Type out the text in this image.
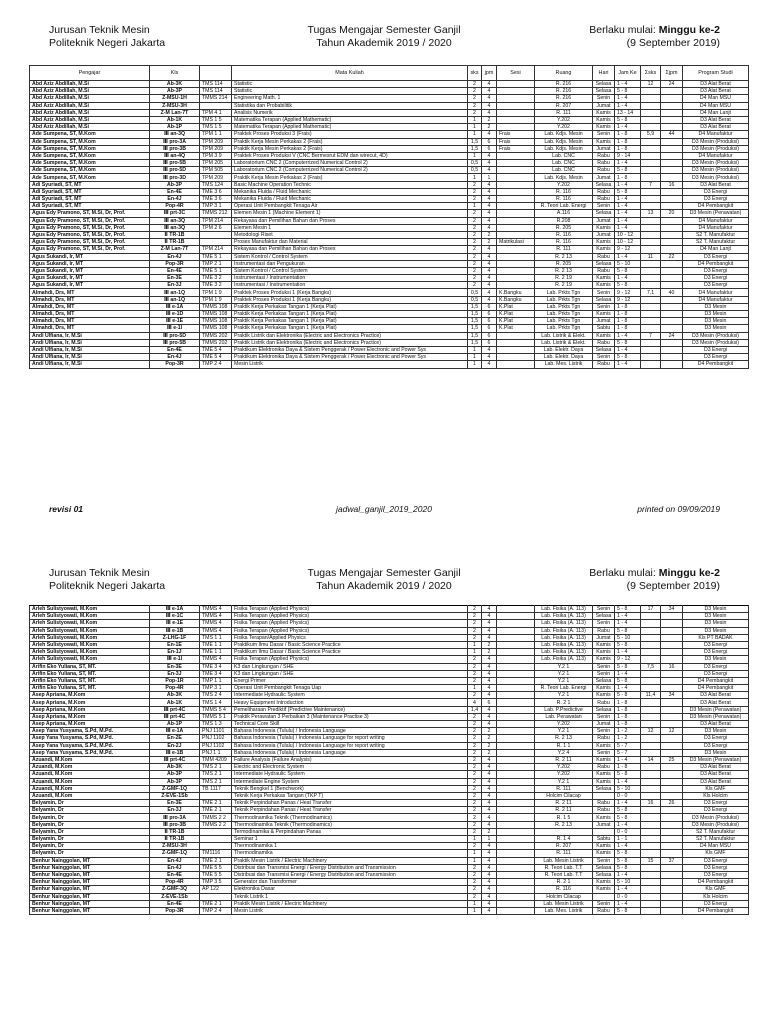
Jurusan Teknik Mesin
Politeknik Negeri Jakarta
Tugas Mengajar Semester Ganjil
Tahun Akademik 2019 / 2020
Berlaku mulai: Minggu ke-2
(9 September 2019)
Pengajar	Kls		Mata Kuliah	sks	jpm	Sesi	Ruang	Hari	Jam Ke	Σsks	Σjpm	Program Studi
Abd Aziz Abdillah, M.Si	Ab-3K	TMS 114	Statistic	2	4		R. 216	Selasa	1 - 4	12	24	D3 Alat Berat
Abd Aziz Abdillah, M.Si	Ab-3P	TMS 114	Statistic	2	4		R. 216	Selasa	5 - 8			D3 Alat Berat
Abd Aziz Abdillah, M.Si	Z-MSU-1H	TMMS 214	Engineering Math. 1	2	4		R. 216	Senin	1 - 4			D4 Man MSU
Abd Aziz Abdillah, M.Si	Z-MSU-3H		Statistika dan Probabilitik	2	4		R. 207	Jumat	1 - 4			D4 Man MSU
Abd Aziz Abdillah, M.Si	Z-M Lan-7T	TPM 4 1	Analisis Numerik	2	4		R. 111	Kamis	13 - 14			D4 Man Lanjt
Abd Aziz Abdillah, M.Si	Ab-1K	TMS 1 5	Matematika Terapan (Applied Mathematic)	1	2		Y.202	Kamis	5 - 8			D3 Alat Berat
Abd Aziz Abdillah, M.Si	Ab-1P	TMS 1 5	Matematika Terapan (Applied Mathematic)	1	2		Y.202	Kamis	1 - 4			D3 Alat Berat
Ade Sumpena, ST, M.Kom	Ⅲ an-3Q	TPM 1 1	Praktek Proses Produksi 3 (Frais)	1	4	Frais	Lab. Kdjs. Mesin	Senin	1 - 8	5,9	44	D4 Manufaktur
Ade Sumpena, ST, M.Kom	Ⅲ pro-3A	TPM 209	Praktik Kerja Mesin Perkakas 2 (Frais)	1,5	6	Frais	Lab. Kdjs. Mesin	Kamis	1 - 8			D3 Mesin (Produksi)
Ade Sumpena, ST, M.Kom	Ⅲ pro-3B	TPM 209	Praktik Kerja Mesin Perkakas 2 (Frais)	1,5	6	Frais	Lab. Kdjs. Mesin	Jumat	1 - 8			D3 Mesin (Produksi)
Ade Sumpena, ST, M.Kom	Ⅲ an-4Q	TPM 3 9	Praktek Proses Produksi V (CNC Bermesrut EDM dan wirecut, 4D)	1	4		Lab. CNC	Rabu	9 - 14			D4 Manufaktur
Ade Sumpena, ST, M.Kom	Ⅲ pro-5B	TPM 205	Laboratorium CNC 2 (Computerrized Numerical Control 2)	0,5	4		Lab. CNC	Rabu	1 - 4			D3 Mesin (Produksi)
Ade Sumpena, ST, M.Kom	Ⅲ pro-5D	TPM 505	Laboratorium CNC 2 (Computerrized Numerical Control 2)	0,5	4		Lab. CNC	Rabu	5 - 8			D3 Mesin (Produksi)
Ade Sumpena, ST, M.Kom	Ⅲ pro-3D	TPM 209	Praktik Kerja Mesin Perkakas 2 (Frais)	1	1		Lab. Kdjs. Mesin	Jumat	1 - 8			D3 Mesin (Produksi)
Adi Syuriadi, ST, MT	Ab-3P	TMS 124	Basic Machine Operation Technic	2	4		Y.202	Selasa	1 - 4	7	16	D3 Alat Berat
Adi Syuriadi, ST, MT	En-4E	TME 3 6	Mekanika Fluida / Fluid Mechanic	2	4		R. 116	Rabu	5 - 8			D3 Energi
Adi Syuriadi, ST, MT	En-4J	TME 3 6	Mekanika Fluida / Fluid Mechanic	2	4		R. 116	Rabu	1 - 4			D3 Energi
Adi Syuriadi, ST, MT	Pop-4R	TMP 3 1	Operasi Unit Pembangkit Tenaga Air	1	4		R. Teori Lab. Energi	Senin	1 - 4			D4 Pembangkit
Agus Edy Pramono, ST, M.Si, Dr, Prof.	Ⅲ prt-3C	TMMS 212	Elemen Mesin 1 (Machine Element 1)	2	4		A.116	Selasa	1 - 4	13	20	D3 Mesin (Perawatan)
Agus Edy Pramono, ST, M.Si, Dr, Prof.	Ⅲ an-3Q	TPM 214	Rekayasa dan Pemilihan Bahan dan Proses	2	4		R.208	Jumat	1 - 4			D4 Manufaktur
Agus Edy Pramono, ST, M.Si, Dr, Prof.	Ⅲ an-3Q	TPM 2 6	Elemen Mesin 1	2	4		R. 205	Kamis	1 - 4			D4 Manufaktur
Agus Edy Pramono, ST, M.Si, Dr, Prof.	Ⅱ TR-1B		Metodologi Riset	2	2		R. 116	Jumat	10 - 12			S2 T. Manufaktur
Agus Edy Pramono, ST, M.Si, Dr, Prof.	Ⅱ TR-1B		Proses Manufaktur dan Material	2	2	Matrikulasi	R. 116	Kamis	10 - 12			S2 T. Manufaktur
Agus Edy Pramono, ST, M.Si, Dr, Prof.	Z-M Lan-7T	TPM 214	Rekayasa dan Pemilihan Bahan dan Proses	2	4		R. 111	Kamis	9 - 12			D4 Man Lanjt
Agus Sukandi, Ir, MT	En-4J	TME 5 1	Sistem Kontrol / Control System	2	4		R. 2 13	Rabu	1 - 4	11	22	D3 Energi
Agus Sukandi, Ir, MT	Pop-3R	TMP 2 1	Instrumentasi dan Pengukuran	2	4		R. 205	Selasa	5 - 10			D4 Pembangkit
Agus Sukandi, Ir, MT	En-4E	TME 5 1	Sistem Kontrol / Control System	2	4		R. 2 13	Rabu	5 - 8			D3 Energi
Agus Sukandi, Ir, MT	En-3E	TME 3 2	Instrumentasi / Instrumentation	2	4		R. 2 19	Kamis	1 - 4			D3 Energi
Agus Sukandi, Ir, MT	En-3J	TME 3 2	Instrumentasi / Instrumentation	2	4		R. 2 19	Kamis	5 - 8			D3 Energi
Almahdi, Drs, MT	Ⅲ an-1Q	TPM 1 9	Praktek Proses Produksi 1 (Kerja Bangku)	0,5	4	K.Bangku	Lab. Prkts Tgn	Senin	9 - 12	7,1	40	D4 Manufaktur
Almahdi, Drs, MT	Ⅲ an-1Q	TPM 1 9	Praktek Proses Produksi 1 (Kerja Bangku)	0,5	4	K.Bangku	Lab. Prkts Tgn	Selasa	9 - 12			D4 Manufaktur
Almahdi, Drs, MT	Ⅲ e-1A	TMMS 108	Praktik Kerja Perkakas Tangan 1 (Kerja Plat)	1,5	6	K.Plat	Lab. Prkts Tgn	Senin	1 - 8			D3 Mesin
Almahdi, Drs, MT	Ⅲ e-1D	TMMS 108	Praktik Kerja Perkakas Tangan 1 (Kerja Plat)	1,5	6	K.Plat	Lab. Prkts Tgn	Kamis	1 - 8			D3 Mesin
Almahdi, Drs, MT	Ⅲ e-1E	TMMS 108	Praktik Kerja Perkakas Tangan 1 (Kerja Plat)	1,5	6	K.Plat	Lab. Prkts Tgn	Jumat	1 - 8			D3 Mesin
Almahdi, Drs, MT	Ⅲ e-1I	TMMS 108	Praktik Kerja Perkakas Tangan 1 (Kerja Plat)	1,5	6	K.Plat	Lab. Prkts Tgn	Sabtu	1 - 8			D3 Mesin
Andi Ulfiana, Ir, M.Si	Ⅲ pro-5D	TMMS 202	Praktik Listrik dan Elektronika (Electric and Electronics Practice)	1,5	6		Lab. Listrik & Elekt.	Kamis	1 - 4	7	24	D3 Mesin (Produksi)
Andi Ulfiana, Ir, M.Si	Ⅲ pro-5B	TMMS 202	Praktik Listrik dan Elektronika (Electric and Electronics Practice)	1,5	6		Lab. Listrik & Elekt.	Rabu	5 - 8			D3 Mesin (Produksi)
Andi Ulfiana, Ir, M.Si	En-4E	TME 5 4	Praktikum Elektronika Daya & Sistem Penggerak / Power Electronic and Power Sys	1	4		Lab. Elektr. Daya	Selasa	1 - 4			D3 Energi
Andi Ulfiana, Ir, M.Si	En-4J	TME 5 4	Praktikum Elektronika Daya & Sistem Penggerak / Power Electronic and Power Sys	1	4		Lab. Elektr. Daya	Senin	5 - 8			D3 Energi
Andi Ulfiana, Ir, M.Si	Pop-3R	TMP 2 4	Mesin Listrik	1	4		Lab. Mes. Listrik	Rabu	1 - 4			D4 Pembangkit
revisi 01	jadwal_ganjil_2019_2020	printed on 09/09/2019
Jurusan Teknik Mesin
Politeknik Negeri Jakarta
Tugas Mengajar Semester Ganjil
Tahun Akademik 2019 / 2020
Berlaku mulai: Minggu ke-2
(9 September 2019)
Arleh Sulistyowati, M.Kom	Ⅲ e-1A	TMMS 4	Fisika Terapan (Applied Physics)	2	4		Lab. Fisika (A. 113)	Senin	5 - 8	17	34	D3 Mesin
Arleh Sulistyowati, M.Kom	Ⅲ e-1C	TMMS 4	Fisika Terapan (Applied Physics)	2	4		Lab. Fisika (A. 113)	Selasa	1 - 4			D3 Mesin
Arleh Sulistyowati, M.Kom	Ⅲ e-1E	TMMS 4	Fisika Terapan (Applied Physics)	2	4		Lab. Fisika (A. 113)	Senin	1 - 4			D3 Mesin
Arleh Sulistyowati, M.Kom	Ⅲ e-1B	TMMS 4	Fisika Terapan (Applied Physics)	2	4		Lab. Fisika (A. 113)	Rabu	5 - 8			D3 Mesin
Arleh Sulistyowati, M.Kom	Z-LHG-1F	TMS 1 1	Fisika Terapan/Applied Physics	2	4		Lab. Fisika (A. 113)	Jumat	5 - 10			Kls PT BADAK
Arleh Sulistyowati, M.Kom	En-1E	TME 1 1	Praktikum Ilmu Dasar / Basic Science Practice	1	2		Lab. Fisika (A. 113)	Kamis	5 - 8			D3 Energi
Arleh Sulistyowati, M.Kom	En-1J	TME 1 1	Praktikum Ilmu Dasar / Basic Science Practice	1	2		Lab. Fisika (A. 113)	Kamis	1 - 4			D3 Energi
Arleh Sulistyowati, M.Kom	Ⅲ e-1I	TMMS 4	Fisika Terapan (Applied Physics)	2	4		Lab. Fisika (A. 113)	Kamis	9 - 12			D3 Mesin
Arifin Eko Yuliana, ST, MT.	En-3E	TME 3 4	K3 dan Lingkungan / SHE	2	4		Y.2 1	Senin	5 - 8	7,5	16	D3 Energi
Arifin Eko Yuliana, ST, MT.	En-3J	TME 3 4	K3 dan Lingkungan / SHE	2	4		Y.2 1	Senin	1 - 4			D3 Energi
Arifin Eko Yuliana, ST, MT.	Pop-1R	TMP 1 1	Energi Primer	2	4		Y.2 1	Selasa	5 - 8			D4 Pembangkit
Arifin Eko Yuliana, ST, MT.	Pop-4R	TMP 3 1	Operasi Unit Pembangkit Tenaga Uap	1	4		R. Teori Lab. Energi	Kamis	1 - 4			D4 Pembangkit
Asep Apriana, M.Kom	Ab-3K	TMS 2 4	Intermediate Hydraulic System	2	4		Y.2 1	Kamis	5 - 8	11,4	34	D3 Alat Berat
Asep Apriana, M.Kom	Ab-1K	TMS 1 4	Heavy Equipment Introduction	4	6		R. 2 1	Rabu	1 - 8			D3 Alat Berat
Asep Apriana, M.Kom	Ⅲ prt-4C	TMMS 5 4	Pemeliharaan Prediktif (Predictive Maintenance)	1,4	4		Lab. P.Predictive	Selasa	1 - 8			D3 Mesin (Perawatan)
Asep Apriana, M.Kom	Ⅲ prt-4C	TMMS 5 1	Praktik Perawatan 3 Perbaikan 3 (Maintenance Practise 3)	2	4		Lab. Perawatan	Senin	1 - 8			D3 Mesin (Perawatan)
Asep Apriana, M.Kom	Ab-1P	TMS 1 3	Technical Core Skill	2	4		Y.202	Jumat	1 - 8			D3 Alat Berat
Asep Yana Yusyama, S.Pd, M.Pd.	Ⅲ e-1A	PNJ 1101	Bahasa Indonesia (Tululu) / Indonesia Language	2	2		Y.2 1	Senin	1 - 2	12	12	D3 Mesin
Asep Yana Yusyama, S.Pd, M.Pd.	En-2E	PNJ 1102	Bahasa Indonesia (Tulalu) / Indonesia Language for report writing	2	2		R. 2 13	Rabu	1 - 2			D3 Energi
Asep Yana Yusyama, S.Pd, M.Pd.	En-2J	PNJ 1102	Bahasa Indonesia (Tulalu) / Indonesia Language for report writing	2	2		R. 1 1	Kamis	5 - 7			D3 Energi
Asep Yana Yusyama, S.Pd, M.Pd.	Ⅲ e-1B	PNJ 1 1	Bahasa Indonesia (Tulalu) / Indonesia Language	2	2		Y.2 4	Senin	5 - 7			D3 Mesin
Azuandi, M.Kom	Ⅲ prt-4C	TMM 4209	Failure Analysis (Failure Analysis)	2	4		R. 2 11	Kamis	1 - 4	14	25	D3 Mesin (Perawatan)
Azuandi, M.Kom	Ab-3K	TMS 2 1	Electric and Electronic System	2	4		Y.202	Rabu	1 - 8			D3 Alat Berat
Azuandi, M.Kom	Ab-3P	TMS 2 1	Intermediate Hydraulic System	2	4		Y.202	Kamis	5 - 8			D3 Alat Berat
Azuandi, M.Kom	Ab-3P	TMS 2 1	Intermediate Engine System	2	4		Y.2 1	Kamis	1 - 4			D3 Alat Berat
Azuandi, M.Kom	Z-GMF-1Q	TB 1117	Teknik Bengkel 1 (Benchwork)	2	4		R. 111	Selasa	5 - 10			Kls GMF
Azuandi, M.Kom	Z-EVE-1Sb		Teknik Kerja Perkakas Tangan (TKP T)	2	4		Holcim Cilacap		0 - 0			Kls Holcim
Belyamin, Dr	En-3E	TME 2 1	Teknik Perpindahan Panas / Heat Transfer	2	4		R. 2 11	Rabu	1 - 4	16	26	D3 Energi
Belyamin, Dr	En-3J	TME 2 1	Teknik Perpindahan Panas / Heat Transfer	2	4		R. 2 11	Rabu	5 - 8			D3 Energi
Belyamin, Dr	Ⅲ pro-3A	TMMS 2 2	Thermodinamika Teknik (Thermodinamics)	2	4		R. 1 5	Kamis	5 - 8			D3 Mesin (Produksi)
Belyamin, Dr	Ⅲ pro-3B	TMMS 2 2	Thermodinamika Teknik (Thermodinamics)	2	4		R. 2 13	Jumat	1 - 4			D3 Mesin (Produksi)
Belyamin, Dr	Ⅱ TR-1B		Termodinamika & Perpindahan Panas	2	2				0 - 0			S2 T. Manufaktur
Belyamin, Dr	Ⅱ TR-1B		Seminar 1	1	1		R. 1 4	Sabtu	1 - 1			S2 T. Manufaktur
Belyamin, Dr	Z-MSU-3H		Thermodinamika 1	2	4		R. 207	Kamis	1 - 4			D4 Man MSU
Belyamin, Dr	Z-GMF-1Q	TM1116	Thermodinamika	1	4		R. 111	Kamis	5 - 8			Kls GMF
Benhur Nainggolan, MT	En-4J	TME 2 1	Praktik Mesin Listrik / Electric Machinery	1	4		Lab. Mesin Listrik	Senin	5 - 8	15	37	D3 Energi
Benhur Nainggolan, MT	En-4J	TME 5 5	Distribusi dan Transmisi Energi / Energy Distribution and Transmission	2	4		R. Teori Lab. T.T	Selasa	5 - 8			D3 Energi
Benhur Nainggolan, MT	En-4E	TME 5 5	Distribusi dan Transmisi Energi / Energy Distribution and Transmission	2	4		R. Teori Lab. T.T	Selasa	1 - 4			D3 Energi
Benhur Nainggolan, MT	Pop-4R	TMP 3 5	Generator dan Transformer	2	4		R. 2 1	Kamis	5 - 10			D4 Pembangkit
Benhur Nainggolan, MT	Z-GMF-3Q	AP 122	Elektronika Dasar	2	4		R. 116	Kamis	1 - 4			Kls GMF
Benhur Nainggolan, MT	Z-EVE-1Sb		Teknik Listrik 1	2	4		Holcim Cilacap		0 - 0			Kls Holcim
Benhur Nainggolan, MT	En-4E	TME 2 1	Praktik Mesin Listrik / Electric Machinery	1	4		Lab. Mesin Listrik	Senin	1 - 4			D3 Energi
Benhur Nainggolan, MT	Pop-3R	TMP 2 4	Mesin Listrik	1	4		Lab. Mes. Listrik	Rabu	5 - 8			D4 Pembangkit
